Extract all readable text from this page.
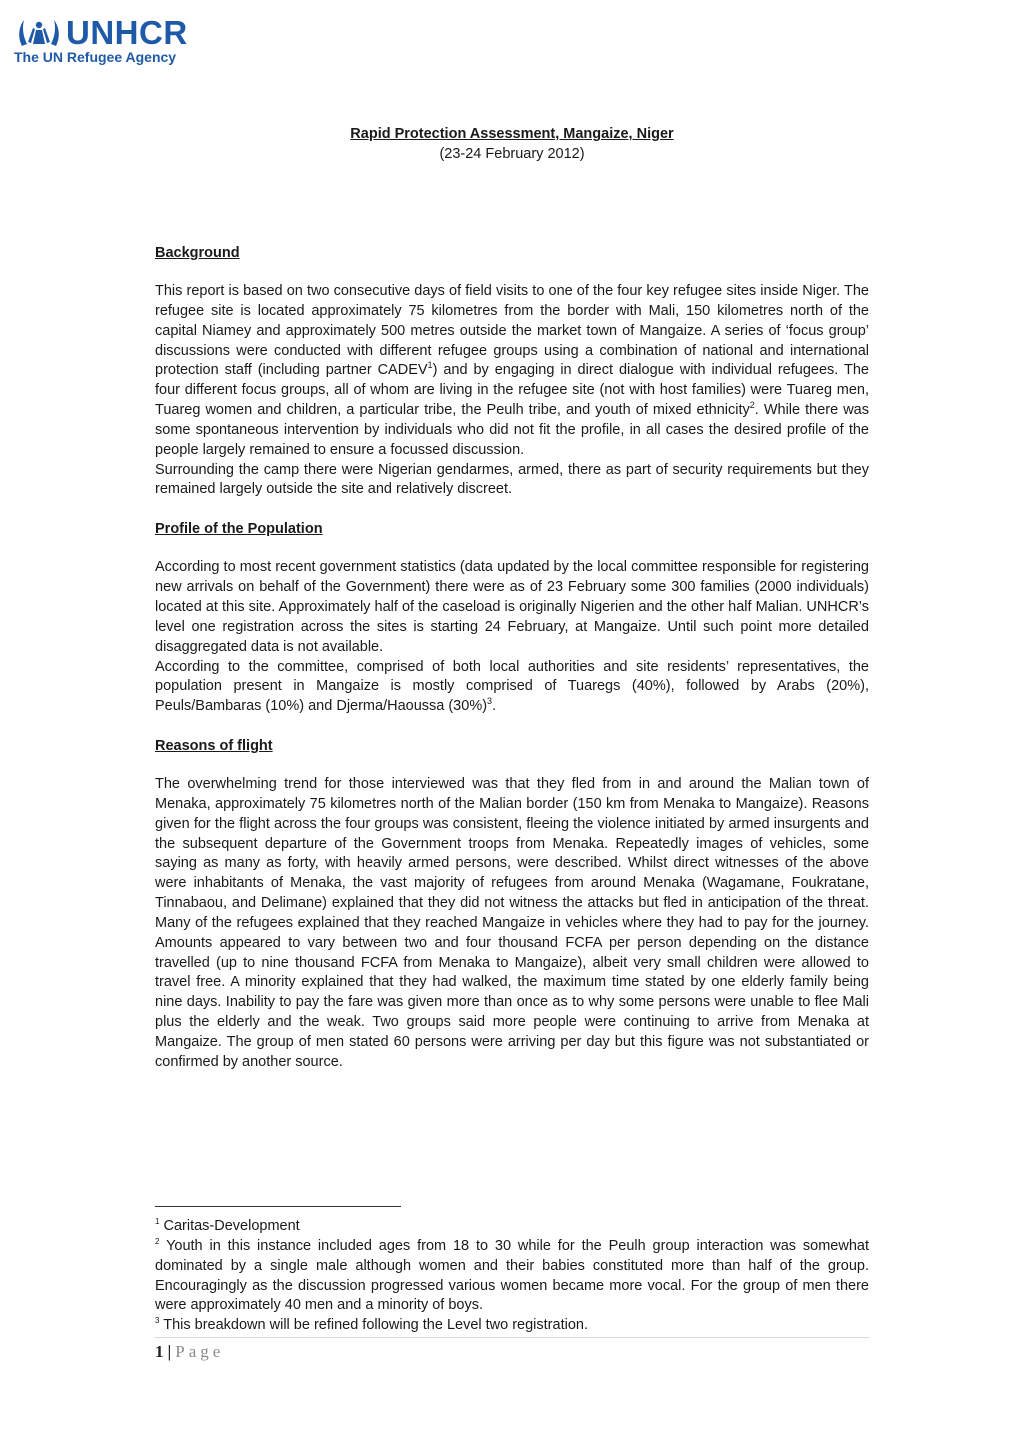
UNHCR
The UN Refugee Agency
Rapid Protection Assessment, Mangaize, Niger
(23-24 February 2012)
Background

This report is based on two consecutive days of field visits to one of the four key refugee sites inside Niger. The refugee site is located approximately 75 kilometres from the border with Mali, 150 kilometres north of the capital Niamey and approximately 500 metres outside the market town of Mangaize. A series of ‘focus group’ discussions were conducted with different refugee groups using a combination of national and international protection staff (including partner CADEV$^1$) and by engaging in direct dialogue with individual refugees. The four different focus groups, all of whom are living in the refugee site (not with host families) were Tuareg men, Tuareg women and children, a particular tribe, the Peulh tribe, and youth of mixed ethnicity$^2$. While there was some spontaneous intervention by individuals who did not fit the profile, in all cases the desired profile of the people largely remained to ensure a focussed discussion.

Surrounding the camp there were Nigerian gendarmes, armed, there as part of security requirements but they remained largely outside the site and relatively discreet.

Profile of the Population

According to most recent government statistics (data updated by the local committee responsible for registering new arrivals on behalf of the Government) there were as of 23 February some 300 families (2000 individuals) located at this site. Approximately half of the caseload is originally Nigerien and the other half Malian. UNHCR’s level one registration across the sites is starting 24 February, at Mangaize. Until such point more detailed disaggregated data is not available.

According to the committee, comprised of both local authorities and site residents’ representatives, the population present in Mangaize is mostly comprised of Tuaregs (40%), followed by Arabs (20%), Peuls/Bambaras (10%) and Djerma/Haoussa $(30\%)^3$.

Reasons of flight

The overwhelming trend for those interviewed was that they fled from in and around the Malian town of Menaka, approximately 75 kilometres north of the Malian border (150 km from Menaka to Mangaize). Reasons given for the flight across the four groups was consistent, fleeing the violence initiated by armed insurgents and the subsequent departure of the Government troops from Menaka. Repeatedly images of vehicles, some saying as many as forty, with heavily armed persons, were described. Whilst direct witnesses of the above were inhabitants of Menaka, the vast majority of refugees from around Menaka (Wagamane, Foukratane, Tinnabaou, and Delimane) explained that they did not witness the attacks but fled in anticipation of the threat. Many of the refugees explained that they reached Mangaize in vehicles where they had to pay for the journey. Amounts appeared to vary between two and four thousand FCFA per person depending on the distance travelled (up to nine thousand FCFA from Menaka to Mangaize), albeit very small children were allowed to travel free. A minority explained that they had walked, the maximum time stated by one elderly family being nine days. Inability to pay the fare was given more than once as to why some persons were unable to flee Mali plus the elderly and the weak. Two groups said more people were continuing to arrive from Menaka at Mangaize. The group of men stated 60 persons were arriving per day but this figure was not substantiated or confirmed by another source.

$^1$ Caritas-Development

$^2$ Youth in this instance included ages from 18 to 30 while for the Peulh group interaction was somewhat dominated by a single male although women and their babies constituted more than half of the group. Encouragingly as the discussion progressed various women became more vocal. For the group of men there were approximately 40 men and a minority of boys.

$^3$ This breakdown will be refined following the Level two registration.

1 | Page
